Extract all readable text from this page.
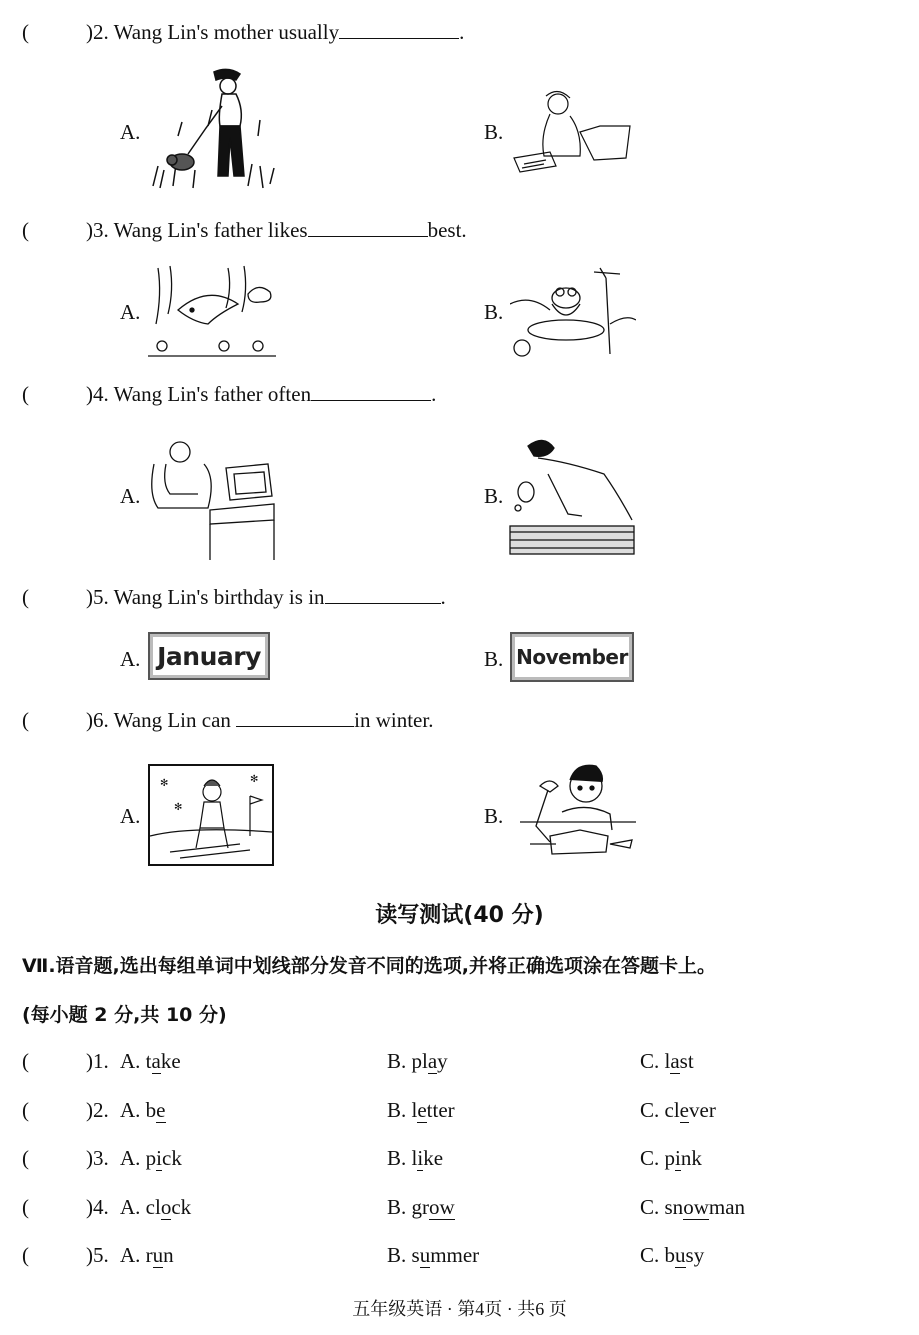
(	)2. Wang Lin's mother usually	.
A.	B.
(	)3. Wang Lin's father likes	best.
A.	B.
(	)4. Wang Lin's father often	.
A.	B.
(	)5. Wang Lin's birthday is in	.
A. January	B. November
(	)6. Wang Lin can	in winter.
A.
✻	✻
✻	B.
读写测试(40 分)
Ⅶ.语音题,选出每组单词中划线部分发音不同的选项,并将正确选项涂在答题卡上。
(每小题 2 分,共 10 分)
(	)1. A. take	B. play	C. last
(	)2. A. be	B. letter	C. clever
(	)3. A. pick	B. like	C. pink
(	)4. A. clock	B. grow	C. snowman
(	)5. A. run	B. summer	C. busy
五年级英语 · 第4页 · 共6 页
